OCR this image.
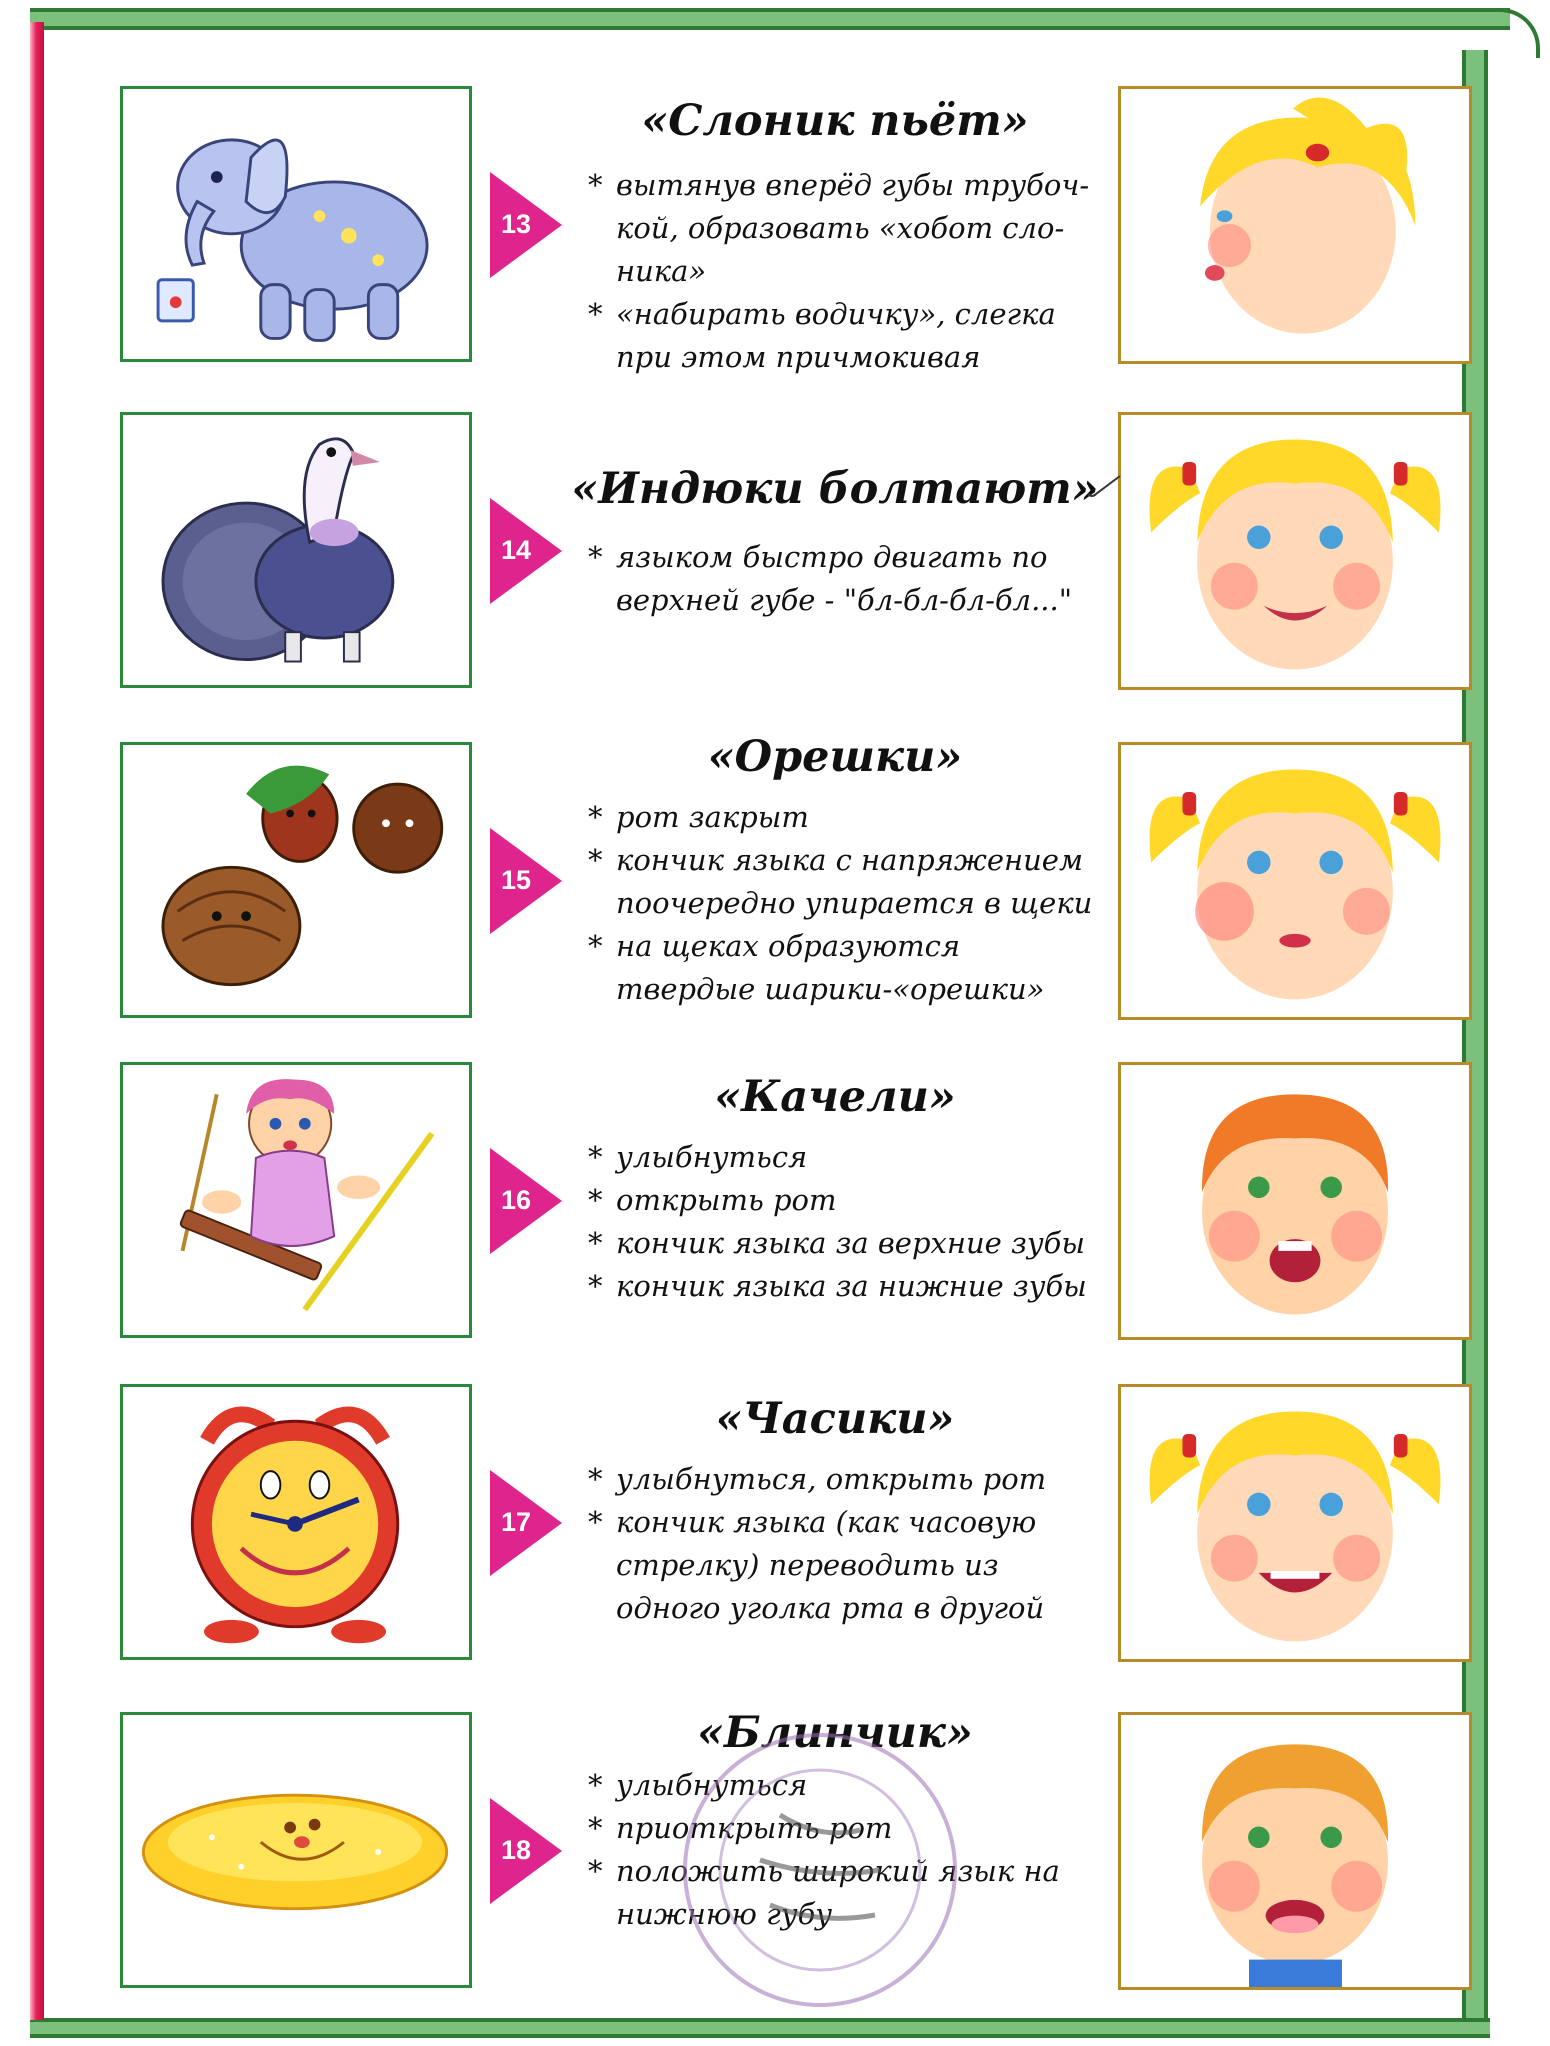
13
«Слоник пьёт»
* вытянув вперёд губы трубоч-
кой, образовать «хобот сло-
ника»
* «набирать водичку», слегка
при этом причмокивая
14
«Индюки болтают»
* языком быстро двигать по
верхней губе - "бл-бл-бл-бл..."
15
«Орешки»
* рот закрыт
* кончик языка с напряжением
поочередно упирается в щеки
* на щеках образуются
твердые шарики-«орешки»
16
«Качели»
* улыбнуться
* открыть рот
* кончик языка за верхние зубы
* кончик языка за нижние зубы
17
«Часики»
* улыбнуться, открыть рот
* кончик языка (как часовую
стрелку) переводить из
одного уголка рта в другой
18
«Блинчик»
* улыбнуться
* приоткрыть рот
* положить широкий язык на
нижнюю губу
